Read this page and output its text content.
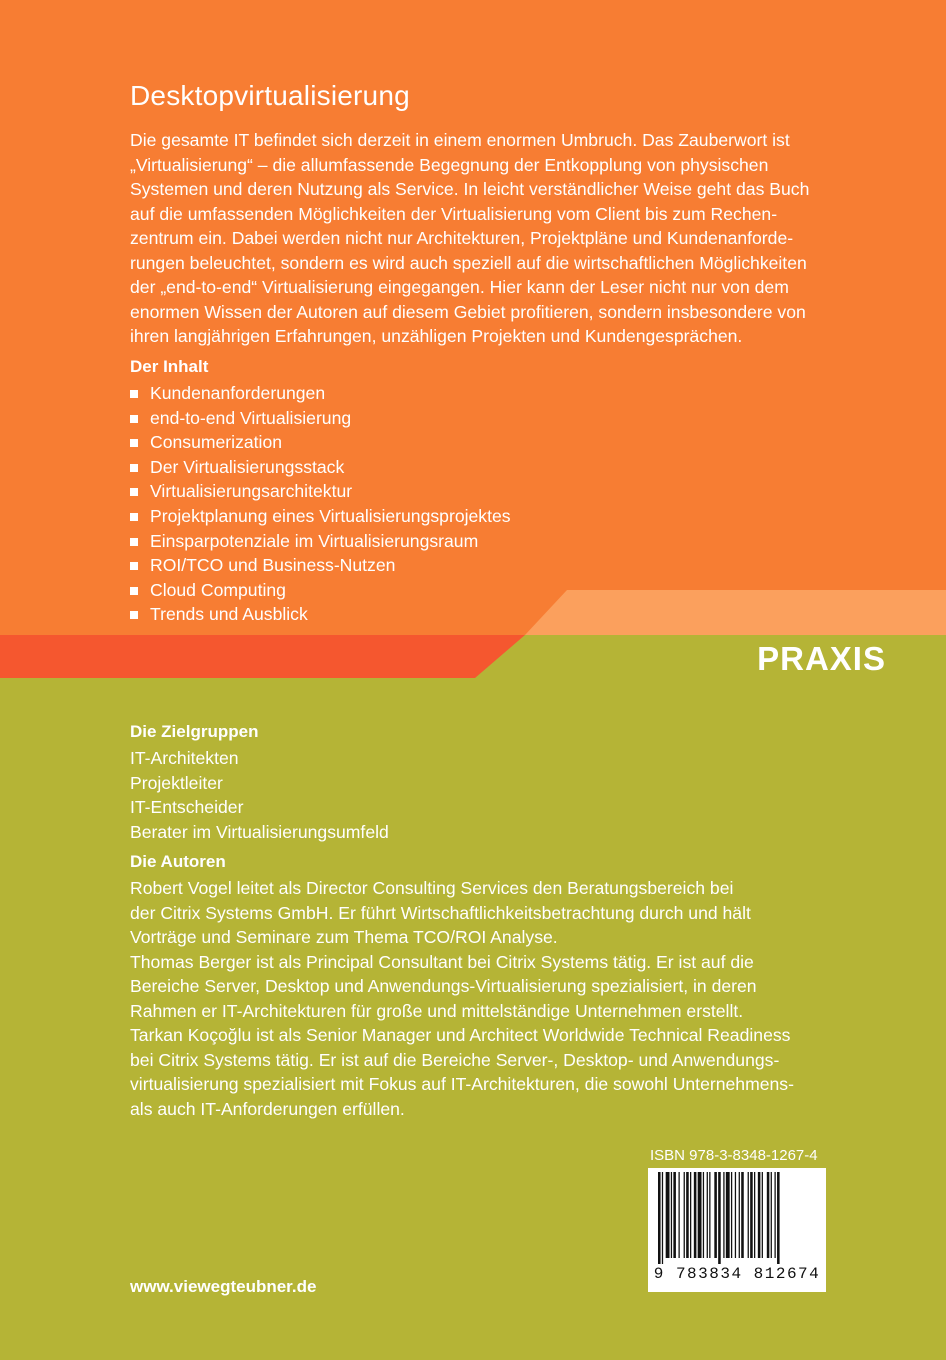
Desktopvirtualisierung
Die gesamte IT befindet sich derzeit in einem enormen Umbruch. Das Zauberwort ist
„Virtualisierung“ – die allumfassende Begegnung der Entkopplung von physischen
Systemen und deren Nutzung als Service. In leicht verständlicher Weise geht das Buch
auf die umfassenden Möglichkeiten der Virtualisierung vom Client bis zum Rechen-
zentrum ein. Dabei werden nicht nur Architekturen, Projektpläne und Kundenanforde-
rungen beleuchtet, sondern es wird auch speziell auf die wirtschaftlichen Möglichkeiten
der „end-to-end“ Virtualisierung eingegangen. Hier kann der Leser nicht nur von dem
enormen Wissen der Autoren auf diesem Gebiet profitieren, sondern insbesondere von
ihren langjährigen Erfahrungen, unzähligen Projekten und Kundengesprächen.
Der Inhalt
Kundenanforderungen
end-to-end Virtualisierung
Consumerization
Der Virtualisierungsstack
Virtualisierungsarchitektur
Projektplanung eines Virtualisierungsprojektes
Einsparpotenziale im Virtualisierungsraum
ROI/TCO und Business-Nutzen
Cloud Computing
Trends und Ausblick
PRAXIS
Die Zielgruppen
IT-Architekten
Projektleiter
IT-Entscheider
Berater im Virtualisierungsumfeld
Die Autoren
Robert Vogel leitet als Director Consulting Services den Beratungsbereich bei
der Citrix Systems GmbH. Er führt Wirtschaftlichkeitsbetrachtung durch und hält
Vorträge und Seminare zum Thema TCO/ROI Analyse.
Thomas Berger ist als Principal Consultant bei Citrix Systems tätig. Er ist auf die
Bereiche Server, Desktop und Anwendungs-Virtualisierung spezialisiert, in deren
Rahmen er IT-Architekturen für große und mittelständige Unternehmen erstellt.
Tarkan Koçoğlu ist als Senior Manager und Architect Worldwide Technical Readiness
bei Citrix Systems tätig. Er ist auf die Bereiche Server-, Desktop- und Anwendungs-
virtualisierung spezialisiert mit Fokus auf IT-Architekturen, die sowohl Unternehmens-
als auch IT-Anforderungen erfüllen.
ISBN 978-3-8348-1267-4
9 783834 812674
www.viewegteubner.de
